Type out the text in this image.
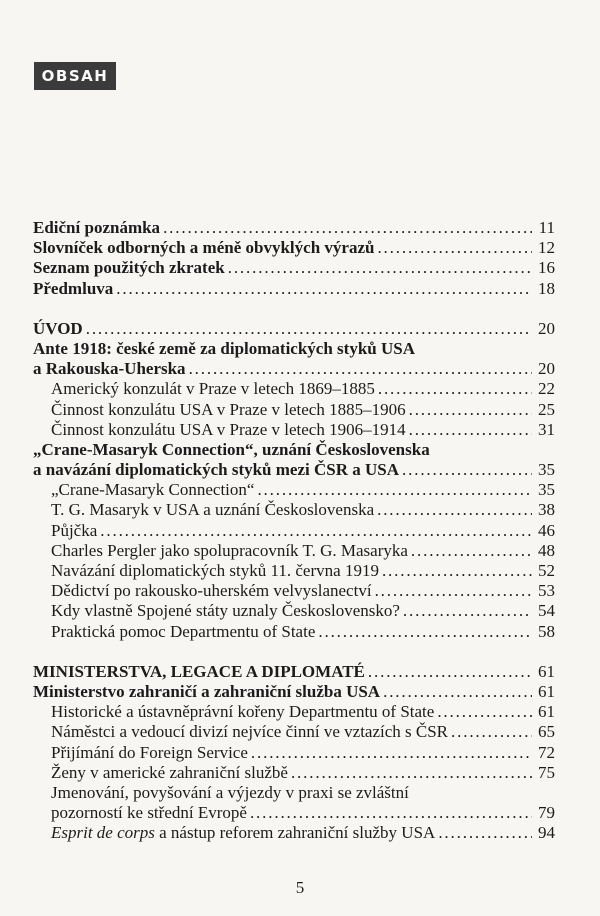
OBSAH
Ediční poznámka . . .	11
Slovníček odborných a méně obvyklých výrazů . . .	12
Seznam použitých zkratek . . .	16
Předmluva . . .	18
ÚVOD . . .	20
Ante 1918: české země za diplomatických styků USA
a Rakouska-Uherska . . .	20
Americký konzulát v Praze v letech 1869–1885 . . .	22
Činnost konzulátu USA v Praze v letech 1885–1906 . . .	25
Činnost konzulátu USA v Praze v letech 1906–1914 . . .	31
„Crane-Masaryk Connection“, uznání Československa
a navázání diplomatických styků mezi ČSR a USA . . .	35
„Crane-Masaryk Connection“ . . .	35
T. G. Masaryk v USA a uznání Československa . . .	38
Půjčka . . .	46
Charles Pergler jako spolupracovník T. G. Masaryka . . .	48
Navázání diplomatických styků 11. června 1919 . . .	52
Dědictví po rakousko-uherském velvyslanectví . . .	53
Kdy vlastně Spojené státy uznaly Československo? . . .	54
Praktická pomoc Departmentu of State . . .	58
MINISTERSTVA, LEGACE A DIPLOMATÉ . . .	61
Ministerstvo zahraničí a zahraniční služba USA . . .	61
Historické a ústavněprávní kořeny Departmentu of State . . .	61
Náměstci a vedoucí divizí nejvíce činní ve vztazích s ČSR . . .	65
Přijímání do Foreign Service . . .	72
Ženy v americké zahraniční službě . . .	75
Jmenování, povyšování a výjezdy v praxi se zvláštní
pozorností ke střední Evropě . . .	79
Esprit de corps a nástup reforem zahraniční služby USA . . .	94
5
